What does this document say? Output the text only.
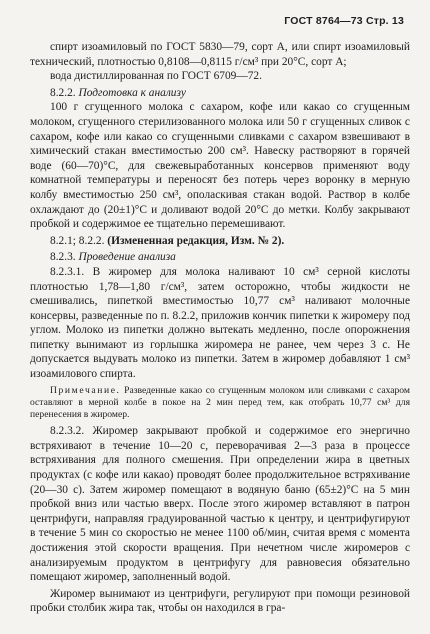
ГОСТ 8764—73 Стр. 13

спирт изоамиловый по ГОСТ 5830—79, сорт А, или спирт изоамиловый технический, плотностью 0,8108—0,8115 г/см³ при 20°С, сорт А;

вода дистиллированная по ГОСТ 6709—72.

8.2.2. Подготовка к анализу

100 г сгущенного молока с сахаром, кофе или какао со сгущенным молоком, сгущенного стерилизованного молока или 50 г сгущенных сливок с сахаром, кофе или какао со сгущенными сливками с сахаром взвешивают в химический стакан вместимостью 200 см³. Навеску растворяют в горячей воде (60—70)°С, для свежевыработанных консервов применяют воду комнатной температуры и переносят без потерь через воронку в мерную колбу вместимостью 250 см³, ополаскивая стакан водой. Раствор в колбе охлаждают до (20±1)°С и доливают водой 20°С до метки. Колбу закрывают пробкой и содержимое ее тщательно перемешивают.

8.2.1; 8.2.2. (Измененная редакция, Изм. № 2).

8.2.3. Проведение анализа

8.2.3.1. В жиромер для молока наливают 10 см³ серной кислоты плотностью 1,78—1,80 г/см³, затем осторожно, чтобы жидкости не смешивались, пипеткой вместимостью 10,77 см³ наливают молочные консервы, разведенные по п. 8.2.2, приложив кончик пипетки к жиромеру под углом. Молоко из пипетки должно вытекать медленно, после опорожнения пипетку вынимают из горлышка жиромера не ранее, чем через 3 с. Не допускается выдувать молоко из пипетки. Затем в жиромер добавляют 1 см³ изоамилового спирта.

Примечание. Разведенные какао со сгущенным молоком или сливками с сахаром оставляют в мерной колбе в покое на 2 мин перед тем, как отобрать 10,77 см³ для перенесения в жиромер.

8.2.3.2. Жиромер закрывают пробкой и содержимое его энергично встряхивают в течение 10—20 с, переворачивая 2—3 раза в процессе встряхивания для полного смешения. При определении жира в цветных продуктах (с кофе или какао) проводят более продолжительное встряхивание (20—30 с). Затем жиромер помещают в водяную баню (65±2)°С на 5 мин пробкой вниз или частью вверх. После этого жиромер вставляют в патрон центрифуги, направляя градуированной частью к центру, и центрифугируют в течение 5 мин со скоростью не менее 1100 об/мин, считая время с момента достижения этой скорости вращения. При нечетном числе жиромеров с анализируемым продуктом в центрифугу для равновесия обязательно помещают жиромер, заполненный водой.

Жиромер вынимают из центрифуги, регулируют при помощи резиновой пробки столбик жира так, чтобы он находился в гра-
